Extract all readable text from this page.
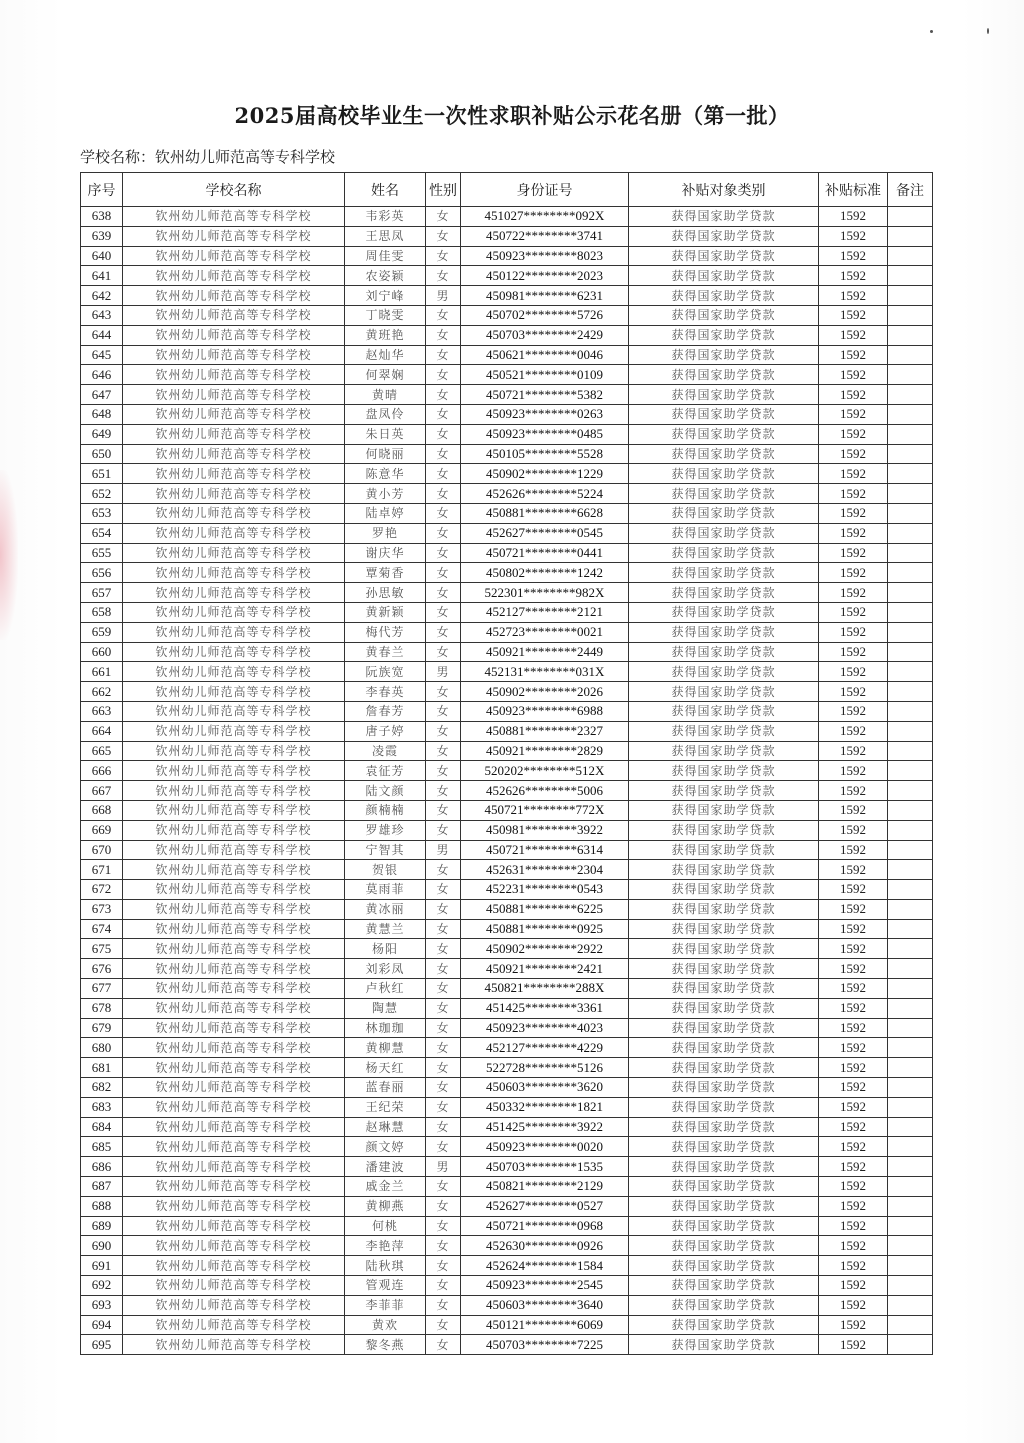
2025届高校毕业生一次性求职补贴公示花名册（第一批）
学校名称：钦州幼儿师范高等专科学校
序号	学校名称	姓名	性别	身份证号	补贴对象类别	补贴标准	备注
638	钦州幼儿师范高等专科学校	韦彩英	女	451027********092X	获得国家助学贷款	1592	
639	钦州幼儿师范高等专科学校	王思凤	女	450722********3741	获得国家助学贷款	1592	
640	钦州幼儿师范高等专科学校	周佳雯	女	450923********8023	获得国家助学贷款	1592	
641	钦州幼儿师范高等专科学校	农姿颖	女	450122********2023	获得国家助学贷款	1592	
642	钦州幼儿师范高等专科学校	刘宁峰	男	450981********6231	获得国家助学贷款	1592	
643	钦州幼儿师范高等专科学校	丁晓雯	女	450702********5726	获得国家助学贷款	1592	
644	钦州幼儿师范高等专科学校	黄班艳	女	450703********2429	获得国家助学贷款	1592	
645	钦州幼儿师范高等专科学校	赵灿华	女	450621********0046	获得国家助学贷款	1592	
646	钦州幼儿师范高等专科学校	何翠娴	女	450521********0109	获得国家助学贷款	1592	
647	钦州幼儿师范高等专科学校	黄晴	女	450721********5382	获得国家助学贷款	1592	
648	钦州幼儿师范高等专科学校	盘凤伶	女	450923********0263	获得国家助学贷款	1592	
649	钦州幼儿师范高等专科学校	朱日英	女	450923********0485	获得国家助学贷款	1592	
650	钦州幼儿师范高等专科学校	何晓丽	女	450105********5528	获得国家助学贷款	1592	
651	钦州幼儿师范高等专科学校	陈意华	女	450902********1229	获得国家助学贷款	1592	
652	钦州幼儿师范高等专科学校	黄小芳	女	452626********5224	获得国家助学贷款	1592	
653	钦州幼儿师范高等专科学校	陆卓婷	女	450881********6628	获得国家助学贷款	1592	
654	钦州幼儿师范高等专科学校	罗艳	女	452627********0545	获得国家助学贷款	1592	
655	钦州幼儿师范高等专科学校	谢庆华	女	450721********0441	获得国家助学贷款	1592	
656	钦州幼儿师范高等专科学校	覃菊香	女	450802********1242	获得国家助学贷款	1592	
657	钦州幼儿师范高等专科学校	孙思敏	女	522301********982X	获得国家助学贷款	1592	
658	钦州幼儿师范高等专科学校	黄新颖	女	452127********2121	获得国家助学贷款	1592	
659	钦州幼儿师范高等专科学校	梅代芳	女	452723********0021	获得国家助学贷款	1592	
660	钦州幼儿师范高等专科学校	黄春兰	女	450921********2449	获得国家助学贷款	1592	
661	钦州幼儿师范高等专科学校	阮族宽	男	452131********031X	获得国家助学贷款	1592	
662	钦州幼儿师范高等专科学校	李春英	女	450902********2026	获得国家助学贷款	1592	
663	钦州幼儿师范高等专科学校	詹春芳	女	450923********6988	获得国家助学贷款	1592	
664	钦州幼儿师范高等专科学校	唐子婷	女	450881********2327	获得国家助学贷款	1592	
665	钦州幼儿师范高等专科学校	凌霞	女	450921********2829	获得国家助学贷款	1592	
666	钦州幼儿师范高等专科学校	袁征芳	女	520202********512X	获得国家助学贷款	1592	
667	钦州幼儿师范高等专科学校	陆文颜	女	452626********5006	获得国家助学贷款	1592	
668	钦州幼儿师范高等专科学校	颜楠楠	女	450721********772X	获得国家助学贷款	1592	
669	钦州幼儿师范高等专科学校	罗雄珍	女	450981********3922	获得国家助学贷款	1592	
670	钦州幼儿师范高等专科学校	宁智其	男	450721********6314	获得国家助学贷款	1592	
671	钦州幼儿师范高等专科学校	贺银	女	452631********2304	获得国家助学贷款	1592	
672	钦州幼儿师范高等专科学校	莫雨菲	女	452231********0543	获得国家助学贷款	1592	
673	钦州幼儿师范高等专科学校	黄冰丽	女	450881********6225	获得国家助学贷款	1592	
674	钦州幼儿师范高等专科学校	黄慧兰	女	450881********0925	获得国家助学贷款	1592	
675	钦州幼儿师范高等专科学校	杨阳	女	450902********2922	获得国家助学贷款	1592	
676	钦州幼儿师范高等专科学校	刘彩凤	女	450921********2421	获得国家助学贷款	1592	
677	钦州幼儿师范高等专科学校	卢秋红	女	450821********288X	获得国家助学贷款	1592	
678	钦州幼儿师范高等专科学校	陶慧	女	451425********3361	获得国家助学贷款	1592	
679	钦州幼儿师范高等专科学校	林珈珈	女	450923********4023	获得国家助学贷款	1592	
680	钦州幼儿师范高等专科学校	黄柳慧	女	452127********4229	获得国家助学贷款	1592	
681	钦州幼儿师范高等专科学校	杨天红	女	522728********5126	获得国家助学贷款	1592	
682	钦州幼儿师范高等专科学校	蓝春丽	女	450603********3620	获得国家助学贷款	1592	
683	钦州幼儿师范高等专科学校	王纪荣	女	450332********1821	获得国家助学贷款	1592	
684	钦州幼儿师范高等专科学校	赵琳慧	女	451425********3922	获得国家助学贷款	1592	
685	钦州幼儿师范高等专科学校	颜文婷	女	450923********0020	获得国家助学贷款	1592	
686	钦州幼儿师范高等专科学校	潘建波	男	450703********1535	获得国家助学贷款	1592	
687	钦州幼儿师范高等专科学校	戚金兰	女	450821********2129	获得国家助学贷款	1592	
688	钦州幼儿师范高等专科学校	黄柳燕	女	452627********0527	获得国家助学贷款	1592	
689	钦州幼儿师范高等专科学校	何桃	女	450721********0968	获得国家助学贷款	1592	
690	钦州幼儿师范高等专科学校	李艳萍	女	452630********0926	获得国家助学贷款	1592	
691	钦州幼儿师范高等专科学校	陆秋琪	女	452624********1584	获得国家助学贷款	1592	
692	钦州幼儿师范高等专科学校	管观连	女	450923********2545	获得国家助学贷款	1592	
693	钦州幼儿师范高等专科学校	李菲菲	女	450603********3640	获得国家助学贷款	1592	
694	钦州幼儿师范高等专科学校	黄欢	女	450121********6069	获得国家助学贷款	1592	
695	钦州幼儿师范高等专科学校	黎冬燕	女	450703********7225	获得国家助学贷款	1592	
